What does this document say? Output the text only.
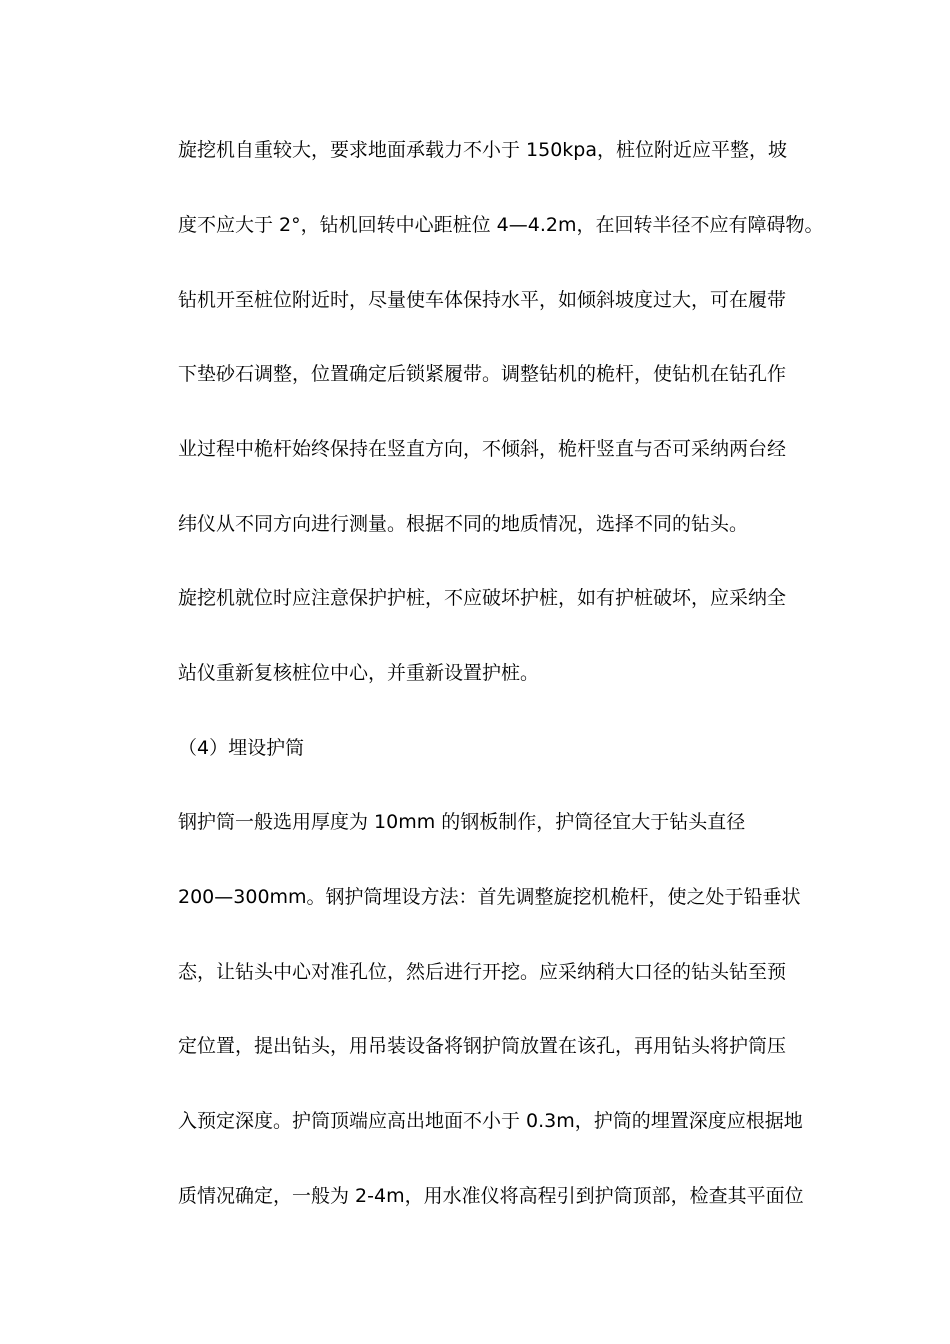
旋挖机自重较大，要求地面承载力不小于 150kpa，桩位附近应平整，坡
度不应大于 2°，钻机回转中心距桩位 4—4.2m，在回转半径不应有障碍物。
钻机开至桩位附近时，尽量使车体保持水平，如倾斜坡度过大，可在履带
下垫砂石调整，位置确定后锁紧履带。调整钻机的桅杆，使钻机在钻孔作
业过程中桅杆始终保持在竖直方向，不倾斜，桅杆竖直与否可采纳两台经
纬仪从不同方向进行测量。根据不同的地质情况，选择不同的钻头。
旋挖机就位时应注意保护护桩，不应破坏护桩，如有护桩破坏，应采纳全
站仪重新复核桩位中心，并重新设置护桩。
（4）埋设护筒
钢护筒一般选用厚度为 10mm 的钢板制作，护筒径宜大于钻头直径
200—300mm。钢护筒埋设方法：首先调整旋挖机桅杆，使之处于铅垂状
态，让钻头中心对准孔位，然后进行开挖。应采纳稍大口径的钻头钻至预
定位置，提出钻头，用吊装设备将钢护筒放置在该孔，再用钻头将护筒压
入预定深度。护筒顶端应高出地面不小于 0.3m，护筒的埋置深度应根据地
质情况确定，一般为 2-4m，用水准仪将高程引到护筒顶部，检查其平面位
